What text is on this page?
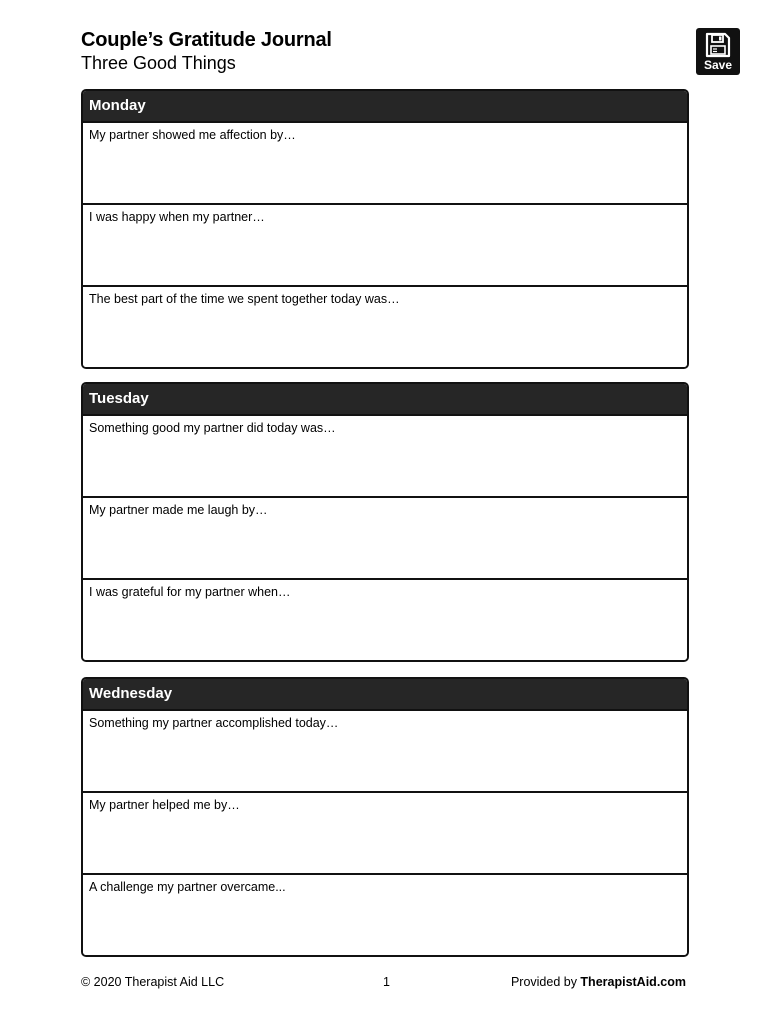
Couple’s Gratitude Journal
Three Good Things	Save
Monday
My partner showed me affection by…
I was happy when my partner…
The best part of the time we spent together today was…
Tuesday
Something good my partner did today was…
My partner made me laugh by…
I was grateful for my partner when…
Wednesday
Something my partner accomplished today…
My partner helped me by…
A challenge my partner overcame...
© 2020 Therapist Aid LLC	1	Provided by TherapistAid.com
